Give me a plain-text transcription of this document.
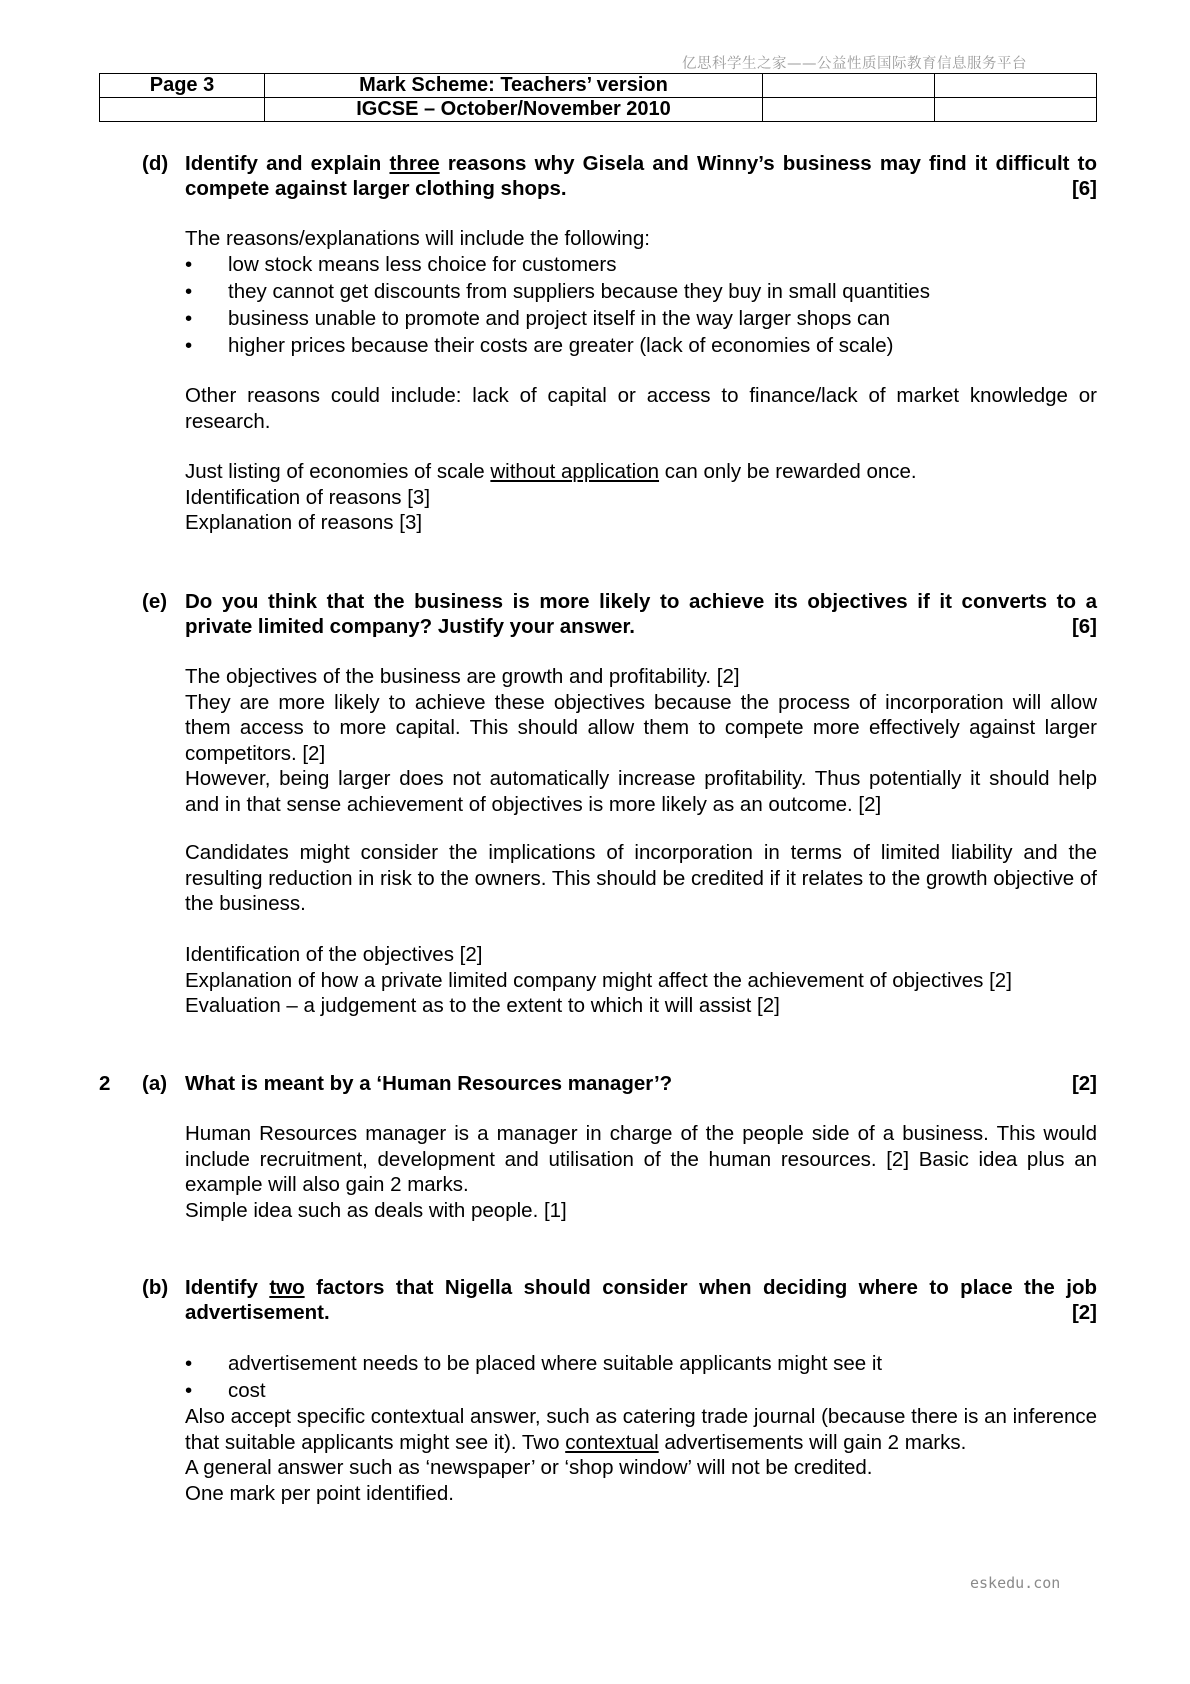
亿思科学生之家——公益性质国际教育信息服务平台
Page 3	Mark Scheme: Teachers’ version		
	IGCSE – October/November 2010		
(d) Identify and explain three reasons why Gisela and Winny’s business may find it difficult to compete against larger clothing shops.	[6]
The reasons/explanations will include the following:
• low stock means less choice for customers
• they cannot get discounts from suppliers because they buy in small quantities
• business unable to promote and project itself in the way larger shops can
• higher prices because their costs are greater (lack of economies of scale)
Other reasons could include: lack of capital or access to finance/lack of market knowledge or research.

Just listing of economies of scale without application can only be rewarded once.

Identification of reasons [3]

Explanation of reasons [3]

(e) Do you think that the business is more likely to achieve its objectives if it converts to a private limited company? Justify your answer.	[6]

The objectives of the business are growth and profitability. [2]

They are more likely to achieve these objectives because the process of incorporation will allow them access to more capital. This should allow them to compete more effectively against larger competitors. [2]

However, being larger does not automatically increase profitability. Thus potentially it should help and in that sense achievement of objectives is more likely as an outcome. [2]

Candidates might consider the implications of incorporation in terms of limited liability and the resulting reduction in risk to the owners. This should be credited if it relates to the growth objective of the business.

Identification of the objectives [2]

Explanation of how a private limited company might affect the achievement of objectives [2]

Evaluation – a judgement as to the extent to which it will assist [2]

2 (a) What is meant by a ‘Human Resources manager’?	[2]

Human Resources manager is a manager in charge of the people side of a business. This would include recruitment, development and utilisation of the human resources. [2] Basic idea plus an example will also gain 2 marks.

Simple idea such as deals with people. [1]

(b) Identify two factors that Nigella should consider when deciding where to place the job advertisement.	[2]
• advertisement needs to be placed where suitable applicants might see it
• cost

Also accept specific contextual answer, such as catering trade journal (because there is an inference that suitable applicants might see it). Two contextual advertisements will gain 2 marks.

A general answer such as ‘newspaper’ or ‘shop window’ will not be credited.

One mark per point identified.

eskedu.con
